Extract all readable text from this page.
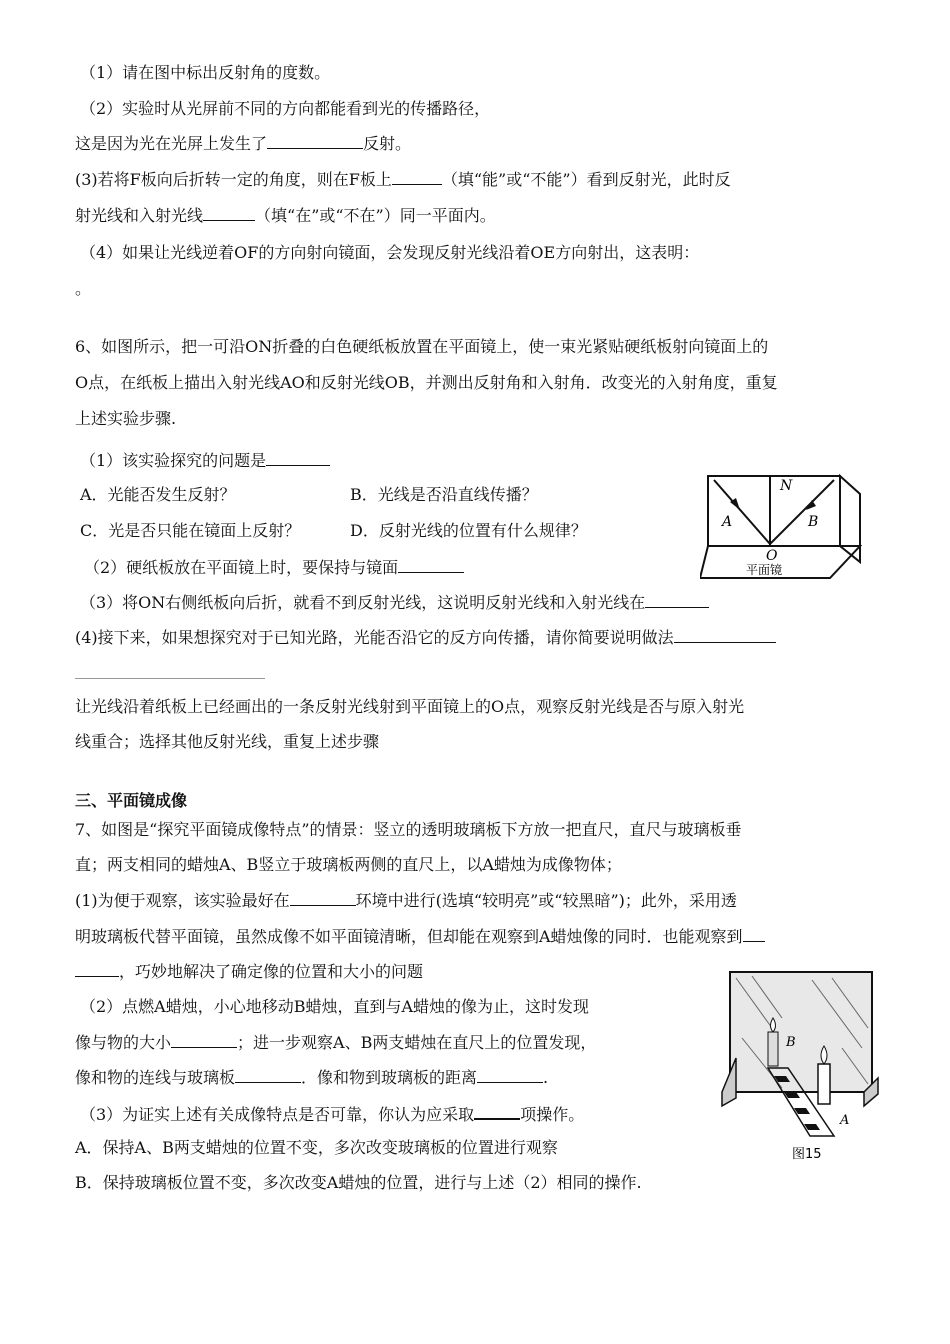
（1）请在图中标出反射角的度数。
（2）实验时从光屏前不同的方向都能看到光的传播路径，
这是因为光在光屏上发生了	反射。
(3)若将F板向后折转一定的角度，则在F板上	（填“能”或“不能”）看到反射光，此时反
射光线和入射光线	（填“在”或“不在”）同一平面内。
（4）如果让光线逆着OF的方向射向镜面，会发现反射光线沿着OE方向射出，这表明：
。
6、如图所示，把一可沿ON折叠的白色硬纸板放置在平面镜上，使一束光紧贴硬纸板射向镜面上的
O点，在纸板上描出入射光线AO和反射光线OB，并测出反射角和入射角．改变光的入射角度，重复
上述实验步骤.
（1）该实验探究的问题是
A．光能否发生反射？	B．光线是否沿直线传播？
C．光是否只能在镜面上反射？	D．反射光线的位置有什么规律？
（2）硬纸板放在平面镜上时，要保持与镜面
（3）将ON右侧纸板向后折，就看不到反射光线，这说明反射光线和入射光线在
(4)接下来，如果想探究对于已知光路，光能否沿它的反方向传播，请你简要说明做法
让光线沿着纸板上已经画出的一条反射光线射到平面镜上的O点，观察反射光线是否与原入射光
线重合；选择其他反射光线，重复上述步骤
N
A	B
O
平面镜
三、平面镜成像
7、如图是“探究平面镜成像特点”的情景：竖立的透明玻璃板下方放一把直尺，直尺与玻璃板垂
直；两支相同的蜡烛A、B竖立于玻璃板两侧的直尺上，以A蜡烛为成像物体；
(1)为便于观察，该实验最好在	环境中进行(选填“较明亮”或“较黑暗”)；此外，采用透
明玻璃板代替平面镜，虽然成像不如平面镜清晰，但却能在观察到A蜡烛像的同时．也能观察到
，巧妙地解决了确定像的位置和大小的问题
（2）点燃A蜡烛，小心地移动B蜡烛，直到与A蜡烛的像为止，这时发现
像与物的大小	；进一步观察A、B两支蜡烛在直尺上的位置发现，
像和物的连线与玻璃板	．像和物到玻璃板的距离	.
（3）为证实上述有关成像特点是否可靠，你认为应采取	项操作。
A．保持A、B两支蜡烛的位置不变，多次改变玻璃板的位置进行观察
B．保持玻璃板位置不变，多次改变A蜡烛的位置，进行与上述（2）相同的操作.
B
A
图15
